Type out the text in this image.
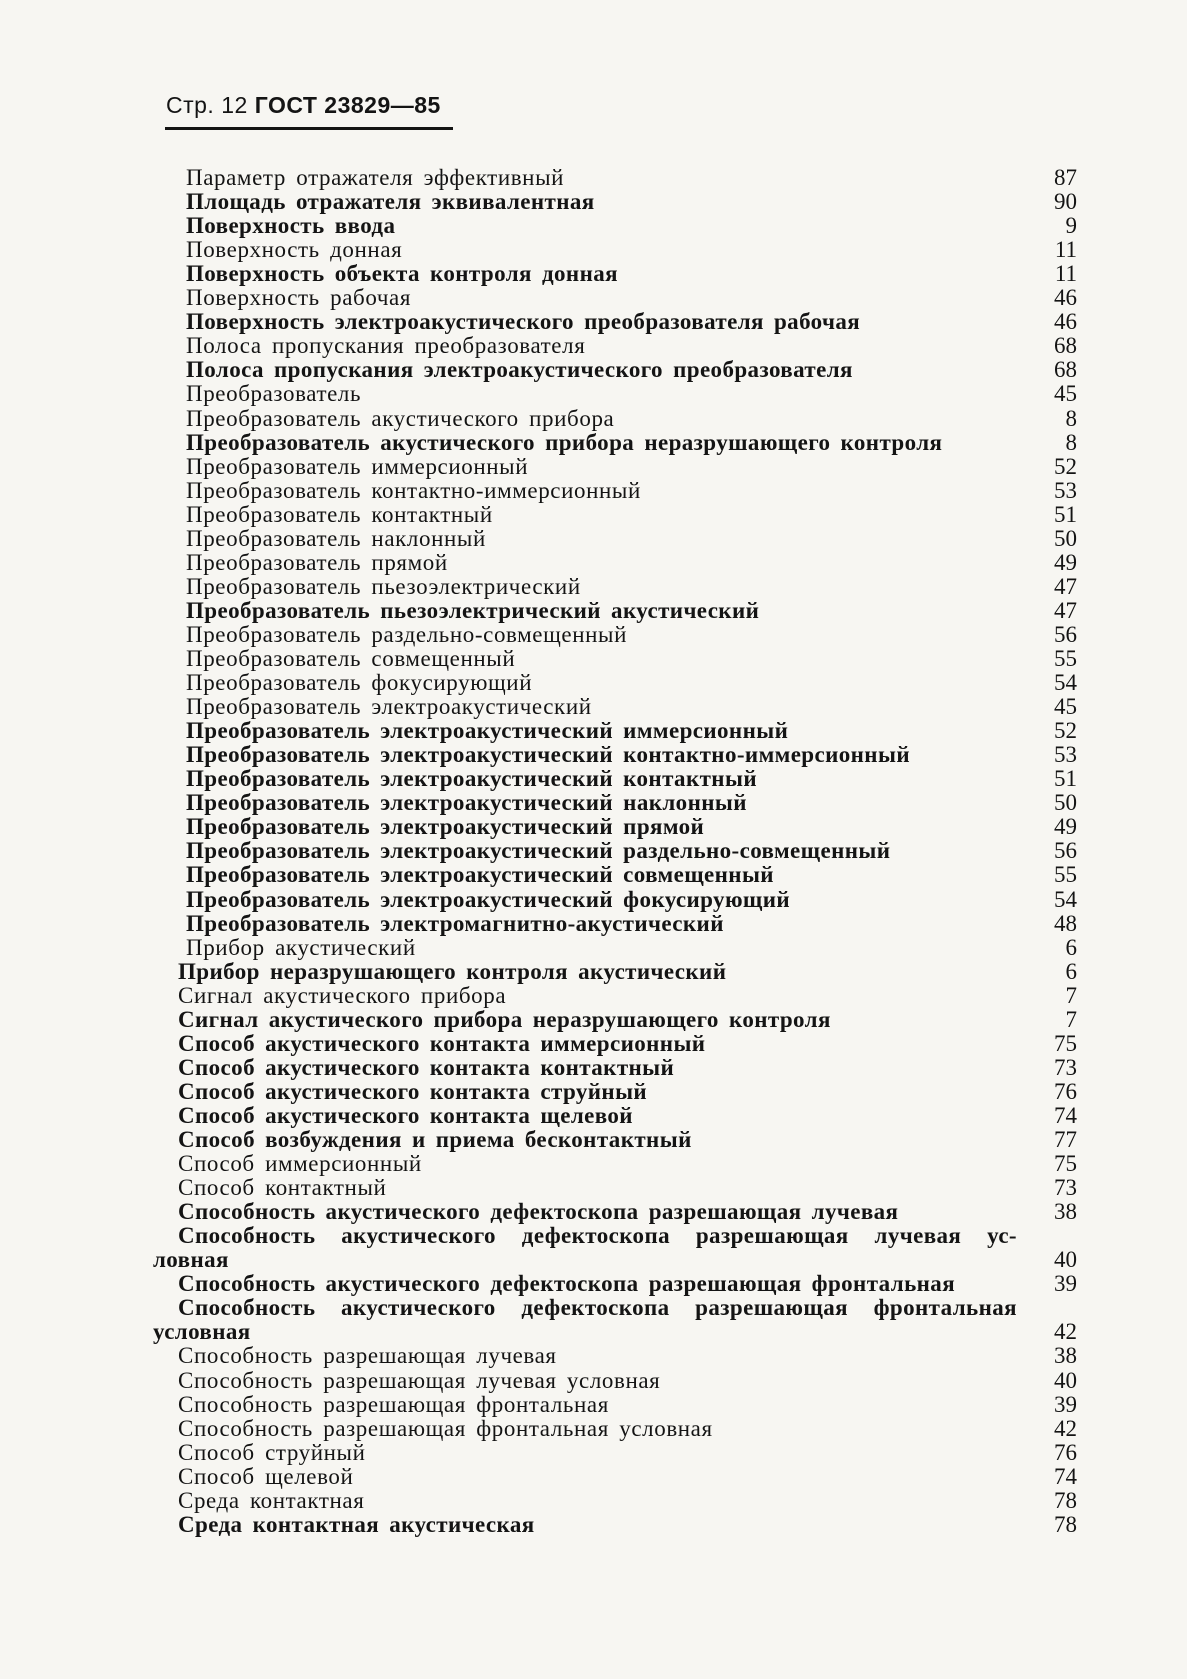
Стр. 12 ГОСТ 23829—85
Параметр отражателя эффективный	87
Площадь отражателя эквивалентная	90
Поверхность ввода	9
Поверхность донная	11
Поверхность объекта контроля донная	11
Поверхность рабочая	46
Поверхность электроакустического преобразователя рабочая	46
Полоса пропускания преобразователя	68
Полоса пропускания электроакустического преобразователя	68
Преобразователь	45
Преобразователь акустического прибора	8
Преобразователь акустического прибора неразрушающего контроля	8
Преобразователь иммерсионный	52
Преобразователь контактно-иммерсионный	53
Преобразователь контактный	51
Преобразователь наклонный	50
Преобразователь прямой	49
Преобразователь пьезоэлектрический	47
Преобразователь пьезоэлектрический акустический	47
Преобразователь раздельно-совмещенный	56
Преобразователь совмещенный	55
Преобразователь фокусирующий	54
Преобразователь электроакустический	45
Преобразователь электроакустический иммерсионный	52
Преобразователь электроакустический контактно-иммерсионный	53
Преобразователь электроакустический контактный	51
Преобразователь электроакустический наклонный	50
Преобразователь электроакустический прямой	49
Преобразователь электроакустический раздельно-совмещенный	56
Преобразователь электроакустический совмещенный	55
Преобразователь электроакустический фокусирующий	54
Преобразователь электромагнитно-акустический	48
Прибор акустический	6
Прибор неразрушающего контроля акустический	6
Сигнал акустического прибора	7
Сигнал акустического прибора неразрушающего контроля	7
Способ акустического контакта иммерсионный	75
Способ акустического контакта контактный	73
Способ акустического контакта струйный	76
Способ акустического контакта щелевой	74
Способ возбуждения и приема бесконтактный	77
Способ иммерсионный	75
Способ контактный	73
Способность акустического дефектоскопа разрешающая лучевая	38
Способность акустического дефектоскопа разрешающая лучевая ус-
ловная	40
Способность акустического дефектоскопа разрешающая фронтальная	39
Способность акустического дефектоскопа разрешающая фронтальная
условная	42
Способность разрешающая лучевая	38
Способность разрешающая лучевая условная	40
Способность разрешающая фронтальная	39
Способность разрешающая фронтальная условная	42
Способ струйный	76
Способ щелевой	74
Среда контактная	78
Среда контактная акустическая	78
